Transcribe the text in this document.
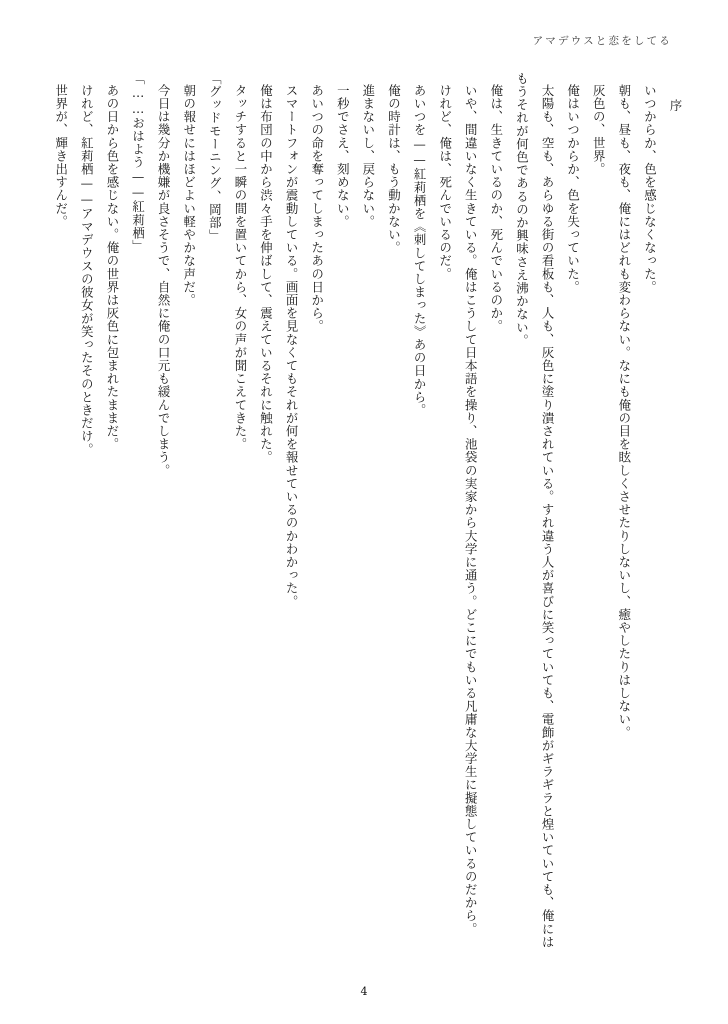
アマデウスと恋をしてる

序

いつからか、色を感じなくなった。

朝も、昼も、夜も、俺にはどれも変わらない。なにも俺の目を眩しくさせたりしないし、癒やしたりはしない。

灰色の、世界。

俺はいつからか、色を失っていた。

太陽も、空も、あらゆる街の看板も、人も、灰色に塗り潰されている。すれ違う人が喜びに笑っていても、電飾がギラギラと煌いていても、俺にはもうそれが何色であるのか興味さえ沸かない。

俺は、生きているのか、死んでいるのか。

いや、間違いなく生きている。俺はこうして日本語を操り、池袋の実家から大学に通う。どこにでもいる凡庸な大学生に擬態しているのだから。

けれど、俺は、死んでいるのだ。

あいつを——紅莉栖を《刺してしまった》あの日から。

俺の時計は、もう動かない。

進まないし、戻らない。

一秒でさえ、刻めない。

あいつの命を奪ってしまったあの日から。

スマートフォンが震動している。画面を見なくてもそれが何を報せているのかわかった。

俺は布団の中から渋々手を伸ばして、震えているそれに触れた。

タッチすると一瞬の間を置いてから、女の声が聞こえてきた。

「グッドモーニング、岡部」

朝の報せにはほどよい軽やかな声だ。

今日は幾分か機嫌が良さそうで、自然に俺の口元も緩んでしまう。

「……おはよう——紅莉栖」

あの日から色を感じない。俺の世界は灰色に包まれたままだ。

けれど、紅莉栖——アマデウスの彼女が笑ったそのときだけ。

世界が、輝き出すんだ。

4
